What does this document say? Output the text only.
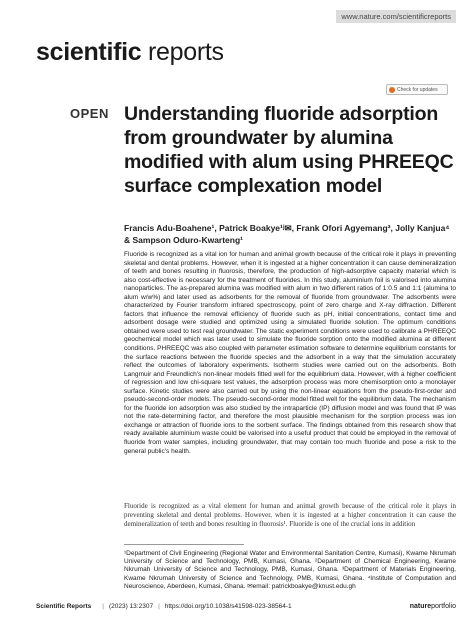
www.nature.com/scientificreports
scientific reports
Check for updates
OPEN Understanding fluoride adsorption from groundwater by alumina modified with alum using PHREEQC surface complexation model
Francis Adu‑Boahene¹, Patrick Boakye¹ʲ✉, Frank Ofori Agyemang³, Jolly Kanjua⁴ & Sampson Oduro‑Kwarteng¹

Fluoride is recognized as a vital ion for human and animal growth because of the critical role it plays in preventing skeletal and dental problems. However, when it is ingested at a higher concentration it can cause demineralization of teeth and bones resulting in fluorosis, therefore, the production of high-adsorptive capacity material which is also cost-effective is necessary for the treatment of fluorides. In this study, aluminium foil is valorised into alumina nanoparticles. The as-prepared alumina was modified with alum in two different ratios of 1:0.5 and 1:1 (alumina to alum w/w%) and later used as adsorbents for the removal of fluoride from groundwater. The adsorbents were characterized by Fourier transform infrared spectroscopy, point of zero charge and X-ray diffraction. Different factors that influence the removal efficiency of fluoride such as pH, initial concentrations, contact time and adsorbent dosage were studied and optimized using a simulated fluoride solution. The optimum conditions obtained were used to test real groundwater. The static experiment conditions were used to calibrate a PHREEQC geochemical model which was later used to simulate the fluoride sorption onto the modified alumina at different conditions. PHREEQC was also coupled with parameter estimation software to determine equilibrium constants for the surface reactions between the fluoride species and the adsorbent in a way that the simulation accurately reflect the outcomes of laboratory experiments. Isotherm studies were carried out on the adsorbents. Both Langmuir and Freundlich's non-linear models fitted well for the equilibrium data. However, with a higher coefficient of regression and low chi-square test values, the adsorption process was more chemisorption onto a monolayer surface. Kinetic studies were also carried out by using the non-linear equations from the pseudo-first-order and pseudo-second-order models. The pseudo-second-order model fitted well for the equilibrium data. The mechanism for the fluoride ion adsorption was also studied by the intraparticle (IP) diffusion model and was found that IP was not the rate-determining factor, and therefore the most plausible mechanism for the sorption process was ion exchange or attraction of fluoride ions to the sorbent surface. The findings obtained from this research show that ready available aluminium waste could be valorised into a useful product that could be employed in the removal of fluoride from water samples, including groundwater, that may contain too much fluoride and pose a risk to the general public's health.

Fluoride is recognized as a vital element for human and animal growth because of the critical role it plays in preventing skeletal and dental problems. However, when it is ingested at a higher concentration it can cause the demineralization of teeth and bones resulting in fluorosis¹. Fluoride is one of the crucial ions in addition

¹Department of Civil Engineering (Regional Water and Environmental Sanitation Centre, Kumasi), Kwame Nkrumah University of Science and Technology, PMB, Kumasi, Ghana. ²Department of Chemical Engineering, Kwame Nkrumah University of Science and Technology, PMB, Kumasi, Ghana. ³Department of Materials Engineering, Kwame Nkrumah University of Science and Technology, PMB, Kumasi, Ghana. ⁴Institute of Computation and Neuroscience, Aberdeen, Kumasi, Ghana. ✉email: patrickboakye@knust.edu.gh

Scientific Reports | (2023) 13:2307 | https://doi.org/10.1038/s41598-023-38564-1	natureportfolio
